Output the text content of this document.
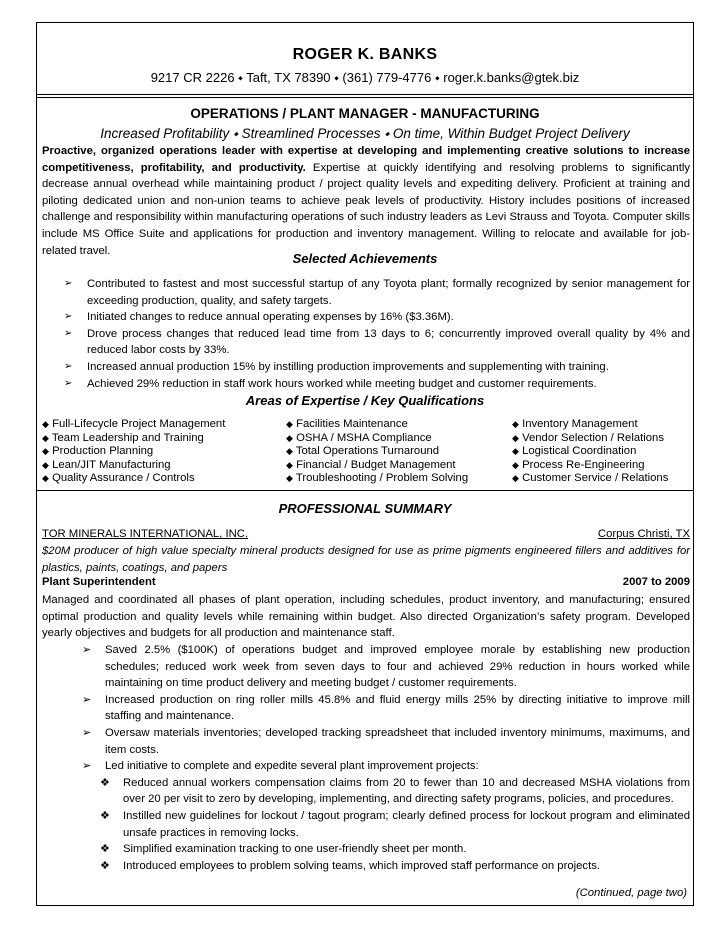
ROGER K. BANKS
9217 CR 2226 ⬩ Taft, TX 78390 ⬩ (361) 779-4776 ⬩ roger.k.banks@gtek.biz
OPERATIONS / PLANT MANAGER - MANUFACTURING
Increased Profitability ⬩ Streamlined Processes ⬩ On time, Within Budget Project Delivery
Proactive, organized operations leader with expertise at developing and implementing creative solutions to increase competitiveness, profitability, and productivity. Expertise at quickly identifying and resolving problems to significantly decrease annual overhead while maintaining product / project quality levels and expediting delivery. Proficient at training and piloting dedicated union and non-union teams to achieve peak levels of productivity. History includes positions of increased challenge and responsibility within manufacturing operations of such industry leaders as Levi Strauss and Toyota. Computer skills include MS Office Suite and applications for production and inventory management. Willing to relocate and available for job-related travel.
Selected Achievements
➢ Contributed to fastest and most successful startup of any Toyota plant; formally recognized by senior management for exceeding production, quality, and safety targets.
➢ Initiated changes to reduce annual operating expenses by 16% ($3.36M).
➢ Drove process changes that reduced lead time from 13 days to 6; concurrently improved overall quality by 4% and reduced labor costs by 33%.
➢ Increased annual production 15% by instilling production improvements and supplementing with training.
➢ Achieved 29% reduction in staff work hours worked while meeting budget and customer requirements.
Areas of Expertise / Key Qualifications
◆ Full-Lifecycle Project Management
◆ Team Leadership and Training
◆ Production Planning
◆ Lean/JIT Manufacturing
◆ Quality Assurance / Controls
◆ Facilities Maintenance
◆ OSHA / MSHA Compliance
◆ Total Operations Turnaround
◆ Financial / Budget Management
◆ Troubleshooting / Problem Solving
◆ Inventory Management
◆ Vendor Selection / Relations
◆ Logistical Coordination
◆ Process Re-Engineering
◆ Customer Service / Relations
PROFESSIONAL SUMMARY
TOR MINERALS INTERNATIONAL, INC.	Corpus Christi, TX
$20M producer of high value specialty mineral products designed for use as prime pigments engineered fillers and additives for plastics, paints, coatings, and papers
Plant Superintendent	2007 to 2009
Managed and coordinated all phases of plant operation, including schedules, product inventory, and manufacturing; ensured optimal production and quality levels while remaining within budget. Also directed Organization’s safety program. Developed yearly objectives and budgets for all production and maintenance staff.
➢ Saved 2.5% ($100K) of operations budget and improved employee morale by establishing new production schedules; reduced work week from seven days to four and achieved 29% reduction in hours worked while maintaining on time product delivery and meeting budget / customer requirements.
➢ Increased production on ring roller mills 45.8% and fluid energy mills 25% by directing initiative to improve mill staffing and maintenance.
➢ Oversaw materials inventories; developed tracking spreadsheet that included inventory minimums, maximums, and item costs.
➢ Led initiative to complete and expedite several plant improvement projects:
❖ Reduced annual workers compensation claims from 20 to fewer than 10 and decreased MSHA violations from over 20 per visit to zero by developing, implementing, and directing safety programs, policies, and procedures.
❖ Instilled new guidelines for lockout / tagout program; clearly defined process for lockout program and eliminated unsafe practices in removing locks.
❖ Simplified examination tracking to one user-friendly sheet per month.
❖ Introduced employees to problem solving teams, which improved staff performance on projects.
(Continued, page two)
